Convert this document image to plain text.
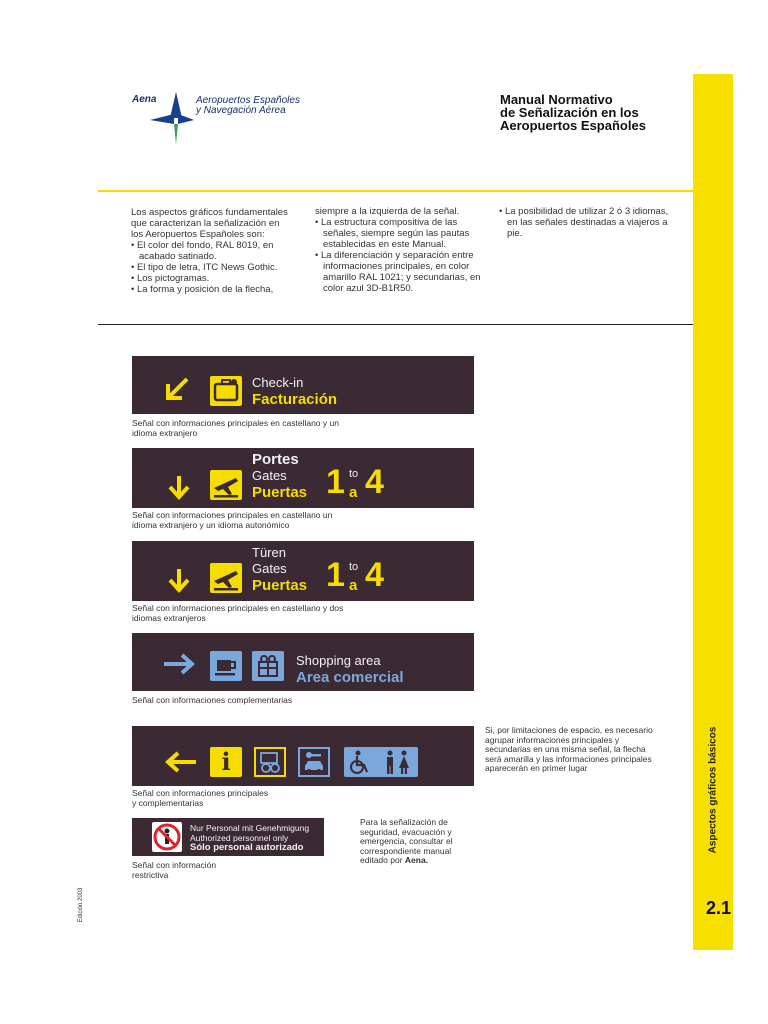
Aena	Aeropuertos Españoles
y Navegación Aérea
Manual Normativo
de Señalización en los
Aeropuertos Españoles

Los aspectos gráficos fundamentales que caracterizan la señalización en los Aeropuertos Españoles son:

• El color del fondo, RAL 8019, en acabado satinado.
• El tipo de letra, ITC News Gothic.
• Los pictogramas.
• La forma y posición de la flecha,

siempre a la izquierda de la señal.

• La estructura compositiva de las señales, siempre según las pautas establecidas en este Manual.
• La diferenciación y separación entre informaciones principales, en color amarillo RAL 1021; y secundarias, en color azul 3D-B1R50.
• La posibilidad de utilizar 2 ó 3 idiomas, en las señales destinadas a viajeros a pie.
Check-in
Facturación
Señal con informaciones principales en castellano y un idioma extranjero
Portes
Gates
Puertas 1 to
a 4
Señal con informaciones principales en castellano un idioma extranjero y un idioma autonómico
Türen
Gates
Puertas 1 to
a 4
Señal con informaciones principales en castellano y dos idiomas extranjeros
Shopping area
Area comercial
Señal con informaciones complementarias
i
Señal con informaciones principales y complementarias
Nur Personal mit Genehmigung
Authorized personnel only
Sólo personal autorizado
Señal con información restrictiva
Para la señalización de seguridad, evacuación y emergencia, consultar el correspondiente manual editado por Aena.
Si, por limitaciones de espacio, es necesario agrupar informaciones principales y secundarias en una misma señal, la flecha será amarilla y las informaciones principales aparecerán en primer lugar	Aspectos gráficos básicos
2.1
Edición 2003
